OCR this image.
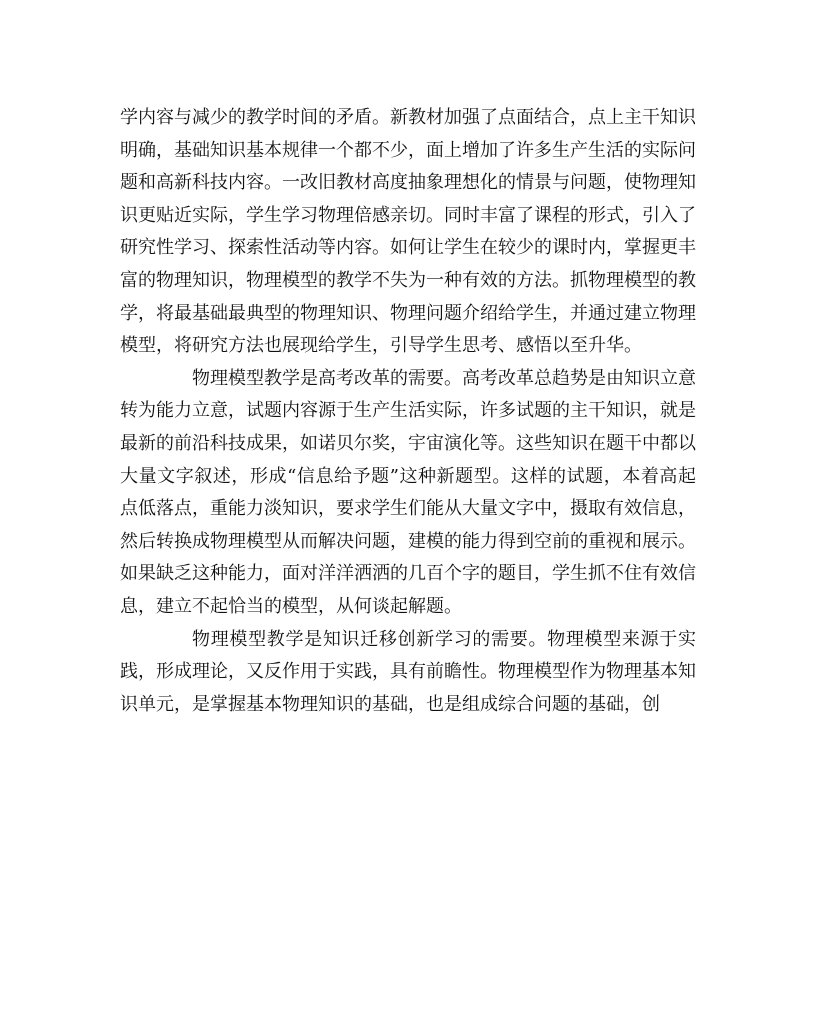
学内容与减少的教学时间的矛盾。新教材加强了点面结合，点上主干知识明确，基础知识基本规律一个都不少，面上增加了许多生产生活的实际问题和高新科技内容。一改旧教材高度抽象理想化的情景与问题，使物理知识更贴近实际，学生学习物理倍感亲切。同时丰富了课程的形式，引入了研究性学习、探索性活动等内容。如何让学生在较少的课时内，掌握更丰富的物理知识，物理模型的教学不失为一种有效的方法。抓物理模型的教学，将最基础最典型的物理知识、物理问题介绍给学生，并通过建立物理模型，将研究方法也展现给学生，引导学生思考、感悟以至升华。

物理模型教学是高考改革的需要。高考改革总趋势是由知识立意转为能力立意，试题内容源于生产生活实际，许多试题的主干知识，就是最新的前沿科技成果，如诺贝尔奖，宇宙演化等。这些知识在题干中都以大量文字叙述，形成“信息给予题”这种新题型。这样的试题，本着高起点低落点，重能力淡知识，要求学生们能从大量文字中，摄取有效信息，然后转换成物理模型从而解决问题，建模的能力得到空前的重视和展示。如果缺乏这种能力，面对洋洋洒洒的几百个字的题目，学生抓不住有效信息，建立不起恰当的模型，从何谈起解题。

物理模型教学是知识迁移创新学习的需要。物理模型来源于实践，形成理论，又反作用于实践，具有前瞻性。物理模型作为物理基本知识单元，是掌握基本物理知识的基础，也是组成综合问题的基础，创
